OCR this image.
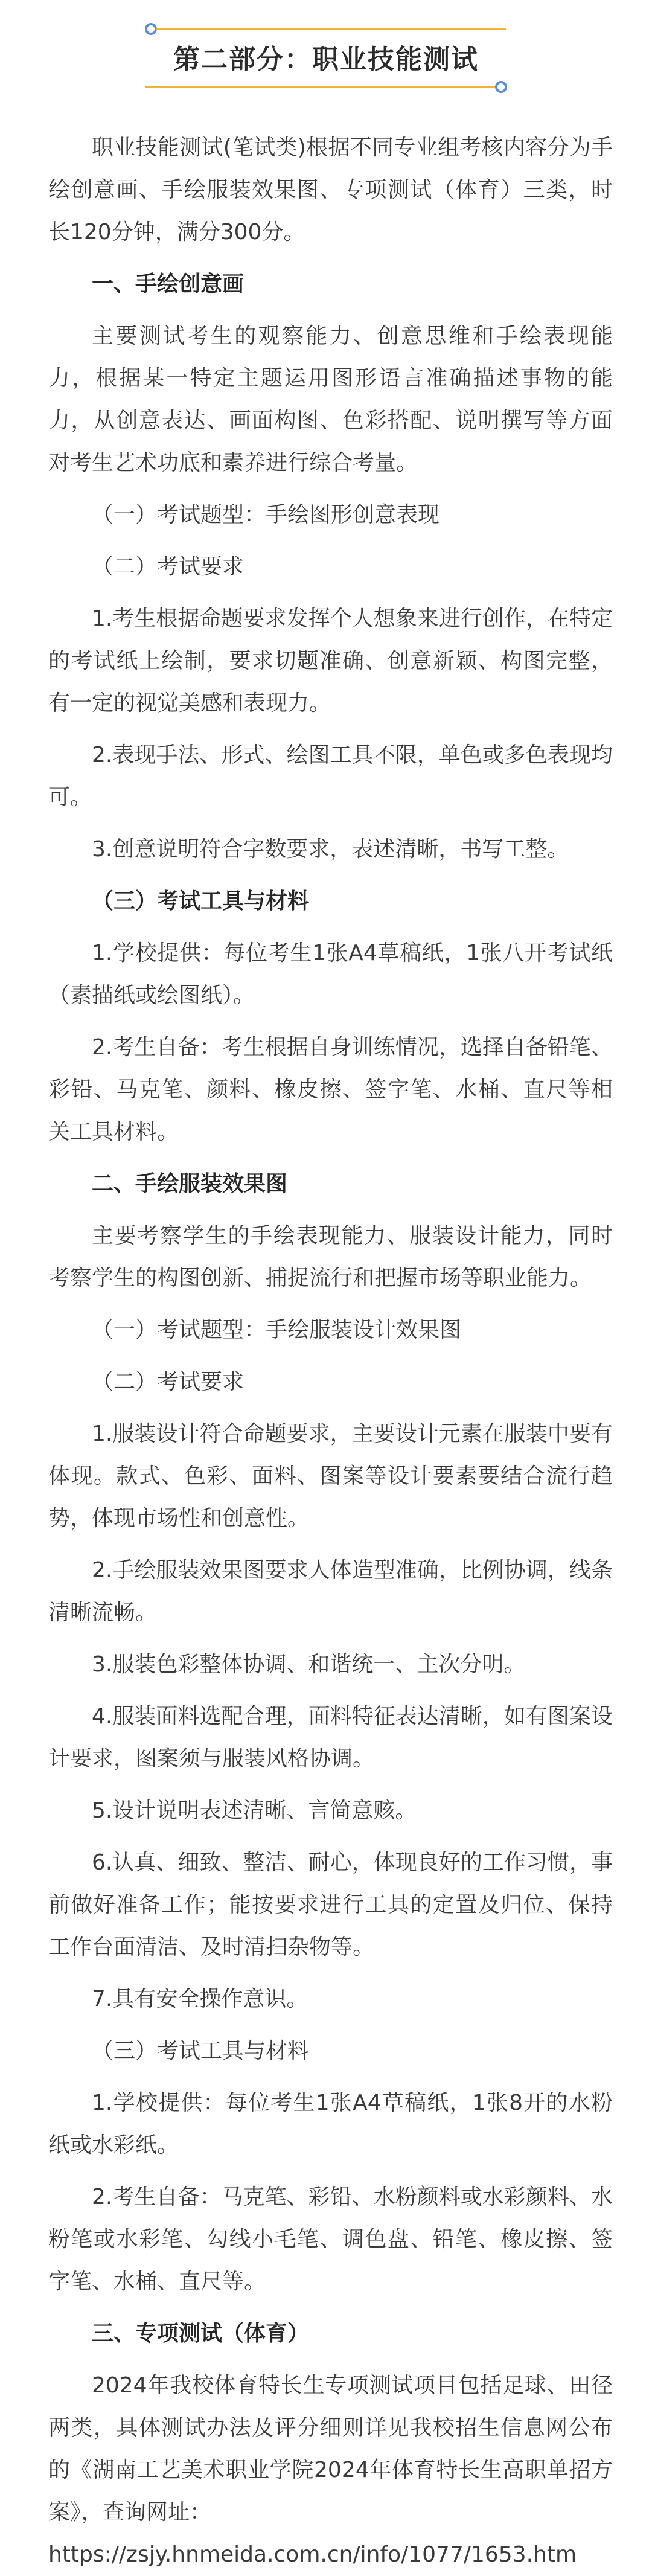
第二部分：职业技能测试

职业技能测试(笔试类)根据不同专业组考核内容分为手绘创意画、手绘服装效果图、专项测试（体育）三类，时长120分钟，满分300分。

一、手绘创意画

主要测试考生的观察能力、创意思维和手绘表现能力，根据某一特定主题运用图形语言准确描述事物的能力，从创意表达、画面构图、色彩搭配、说明撰写等方面对考生艺术功底和素养进行综合考量。

（一）考试题型：手绘图形创意表现

（二）考试要求

1.考生根据命题要求发挥个人想象来进行创作，在特定的考试纸上绘制，要求切题准确、创意新颖、构图完整，有一定的视觉美感和表现力。

2.表现手法、形式、绘图工具不限，单色或多色表现均可。

3.创意说明符合字数要求，表述清晰，书写工整。

（三）考试工具与材料

1.学校提供：每位考生1张A4草稿纸，1张八开考试纸（素描纸或绘图纸）。

2.考生自备：考生根据自身训练情况，选择自备铅笔、彩铅、马克笔、颜料、橡皮擦、签字笔、水桶、直尺等相关工具材料。

二、手绘服装效果图

主要考察学生的手绘表现能力、服装设计能力，同时考察学生的构图创新、捕捉流行和把握市场等职业能力。

（一）考试题型：手绘服装设计效果图

（二）考试要求

1.服装设计符合命题要求，主要设计元素在服装中要有体现。款式、色彩、面料、图案等设计要素要结合流行趋势，体现市场性和创意性。

2.手绘服装效果图要求人体造型准确，比例协调，线条清晰流畅。

3.服装色彩整体协调、和谐统一、主次分明。

4.服装面料选配合理，面料特征表达清晰，如有图案设计要求，图案须与服装风格协调。

5.设计说明表述清晰、言简意赅。

6.认真、细致、整洁、耐心，体现良好的工作习惯，事前做好准备工作；能按要求进行工具的定置及归位、保持工作台面清洁、及时清扫杂物等。

7.具有安全操作意识。

（三）考试工具与材料

1.学校提供：每位考生1张A4草稿纸，1张8开的水粉纸或水彩纸。

2.考生自备：马克笔、彩铅、水粉颜料或水彩颜料、水粉笔或水彩笔、勾线小毛笔、调色盘、铅笔、橡皮擦、签字笔、水桶、直尺等。

三、专项测试（体育）

2024年我校体育特长生专项测试项目包括足球、田径两类，具体测试办法及评分细则详见我校招生信息网公布的《湖南工艺美术职业学院2024年体育特长生高职单招方案》，查询网址：

https://zsjy.hnmeida.com.cn/info/1077/1653.htm
